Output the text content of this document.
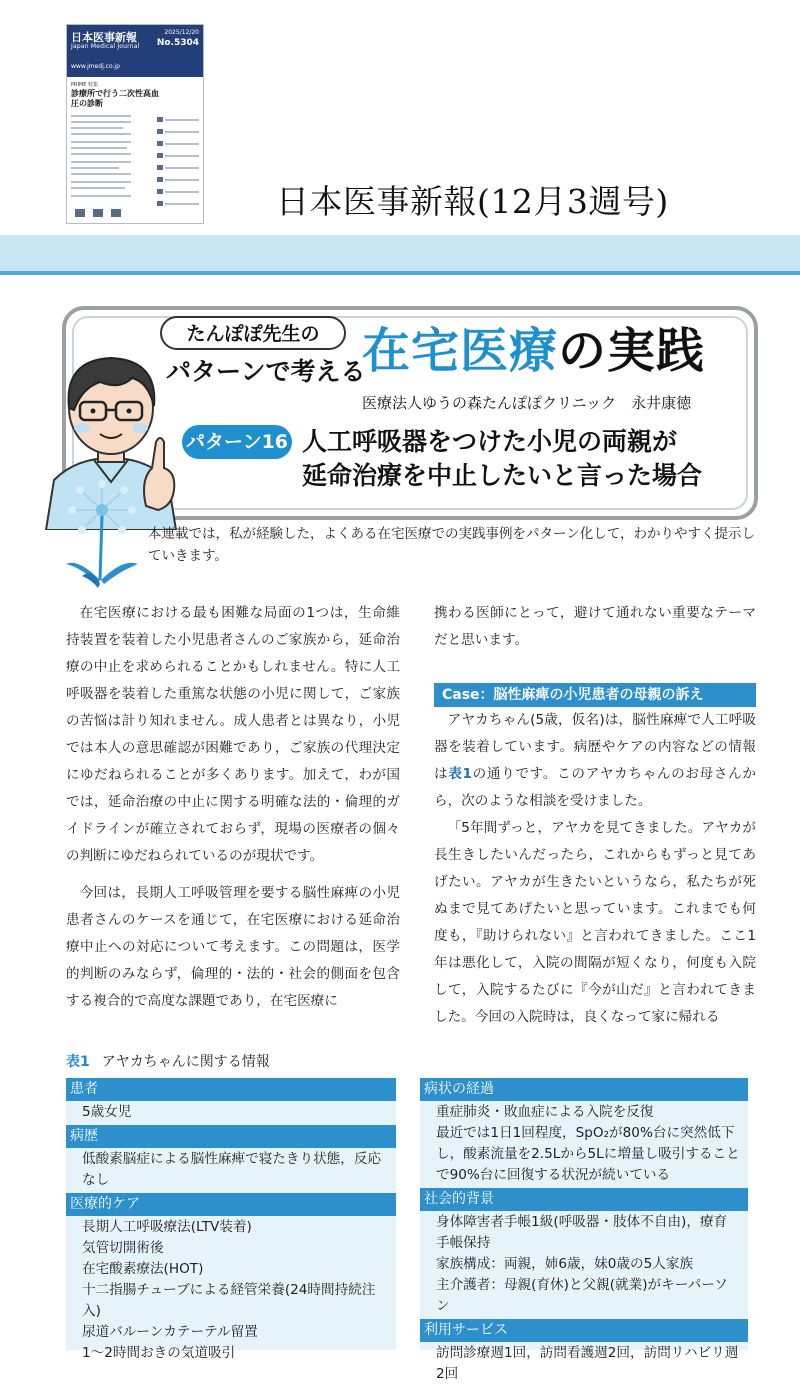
日本医事新報
Japan Medical Journal
2025/12/20
No.5304
www.jmedj.co.jp
PRIME 特集
診療所で行う二次性高血圧の診断
日本医事新報(12月3週号)
たんぽぽ先生の
パターンで考える
在宅医療の実践
医療法人ゆうの森たんぽぽクリニック　永井康徳
パターン16 人工呼吸器をつけた小児の両親が
延命治療を中止したいと言った場合
本連載では，私が経験した，よくある在宅医療での実践事例をパターン化して，わかりやすく提示していきます。

在宅医療における最も困難な局面の1つは，生命維持装置を装着した小児患者さんのご家族から，延命治療の中止を求められることかもしれません。特に人工呼吸器を装着した重篤な状態の小児に関して，ご家族の苦悩は計り知れません。成人患者とは異なり，小児では本人の意思確認が困難であり，ご家族の代理決定にゆだねられることが多くあります。加えて，わが国では，延命治療の中止に関する明確な法的・倫理的ガイドラインが確立されておらず，現場の医療者の個々の判断にゆだねられているのが現状です。

今回は，長期人工呼吸管理を要する脳性麻痺の小児患者さんのケースを通じて，在宅医療における延命治療中止への対応について考えます。この問題は，医学的判断のみならず，倫理的・法的・社会的側面を包含する複合的で高度な課題であり，在宅医療に

携わる医師にとって，避けて通れない重要なテーマだと思います。

Case：脳性麻痺の小児患者の母親の訴え

アヤカちゃん(5歳，仮名)は，脳性麻痺で人工呼吸器を装着しています。病歴やケアの内容などの情報は表1の通りです。このアヤカちゃんのお母さんから，次のような相談を受けました。

「5年間ずっと，アヤカを見てきました。アヤカが長生きしたいんだったら，これからもずっと見てあげたい。アヤカが生きたいというなら，私たちが死ぬまで見てあげたいと思っています。これまでも何度も，『助けられない』と言われてきました。ここ1年は悪化して，入院の間隔が短くなり，何度も入院して，入院するたびに『今が山だ』と言われてきました。今回の入院時は，良くなって家に帰れる

表1 アヤカちゃんに関する情報
患者
5歳女児
病歴
低酸素脳症による脳性麻痺で寝たきり状態，反応なし
医療的ケア
長期人工呼吸療法(LTV装着)
気管切開術後
在宅酸素療法(HOT)
十二指腸チューブによる経管栄養(24時間持続注入)
尿道バルーンカテーテル留置
1～2時間おきの気道吸引
病状の経過
重症肺炎・敗血症による入院を反復
最近では1日1回程度，SpO₂が80%台に突然低下し，酸素流量を2.5Lから5Lに増量し吸引することで90%台に回復する状況が続いている
社会的背景
身体障害者手帳1級(呼吸器・肢体不自由)，療育手帳保持
家族構成：両親，姉6歳，妹0歳の5人家族
主介護者：母親(育休)と父親(就業)がキーパーソン
利用サービス
訪問診療週1回，訪問看護週2回，訪問リハビリ週2回
